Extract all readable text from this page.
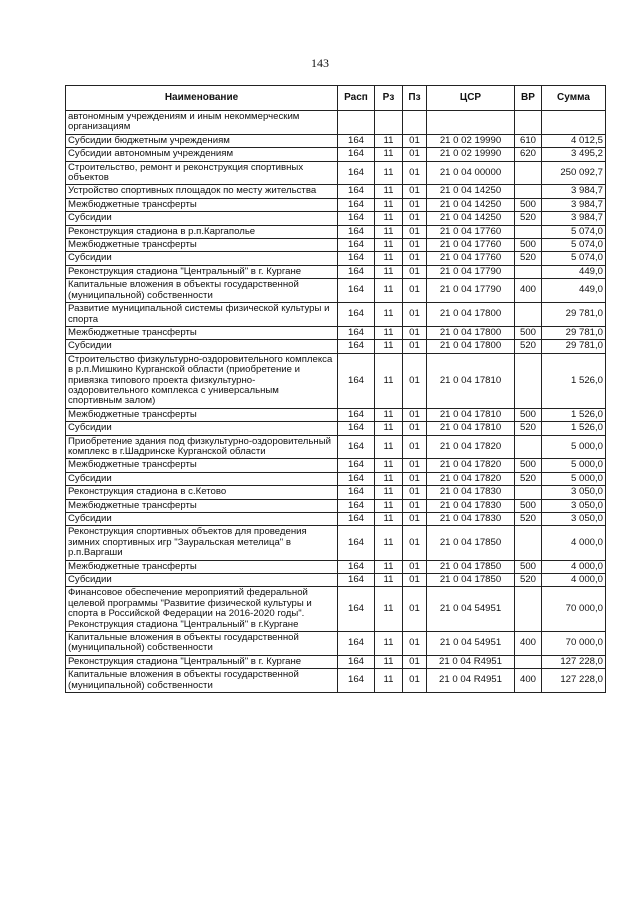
143
Наименование	Расп	Рз	Пз	ЦСР	ВР	Сумма
автономным учреждениям и иным некоммерческим организациям						
Субсидии бюджетным учреждениям	164	11	01	21 0 02 19990	610	4 012,5
Субсидии автономным учреждениям	164	11	01	21 0 02 19990	620	3 495,2
Строительство, ремонт и реконструкция спортивных объектов	164	11	01	21 0 04 00000		250 092,7
Устройство спортивных площадок по месту жительства	164	11	01	21 0 04 14250		3 984,7
Межбюджетные трансферты	164	11	01	21 0 04 14250	500	3 984,7
Субсидии	164	11	01	21 0 04 14250	520	3 984,7
Реконструкция стадиона в р.п.Каргаполье	164	11	01	21 0 04 17760		5 074,0
Межбюджетные трансферты	164	11	01	21 0 04 17760	500	5 074,0
Субсидии	164	11	01	21 0 04 17760	520	5 074,0
Реконструкция стадиона "Центральный" в г. Кургане	164	11	01	21 0 04 17790		449,0
Капитальные вложения в объекты государственной (муниципальной) собственности	164	11	01	21 0 04 17790	400	449,0
Развитие муниципальной системы физической культуры и спорта	164	11	01	21 0 04 17800		29 781,0
Межбюджетные трансферты	164	11	01	21 0 04 17800	500	29 781,0
Субсидии	164	11	01	21 0 04 17800	520	29 781,0
Строительство физкультурно-оздоровительного комплекса в р.п.Мишкино Курганской области (приобретение и привязка типового проекта физкультурно-оздоровительного комплекса с универсальным спортивным залом)	164	11	01	21 0 04 17810		1 526,0
Межбюджетные трансферты	164	11	01	21 0 04 17810	500	1 526,0
Субсидии	164	11	01	21 0 04 17810	520	1 526,0
Приобретение здания под физкультурно-оздоровительный комплекс в г.Шадринске Курганской области	164	11	01	21 0 04 17820		5 000,0
Межбюджетные трансферты	164	11	01	21 0 04 17820	500	5 000,0
Субсидии	164	11	01	21 0 04 17820	520	5 000,0
Реконструкция стадиона в с.Кетово	164	11	01	21 0 04 17830		3 050,0
Межбюджетные трансферты	164	11	01	21 0 04 17830	500	3 050,0
Субсидии	164	11	01	21 0 04 17830	520	3 050,0
Реконструкция спортивных объектов для проведения зимних спортивных игр "Зауральская метелица" в р.п.Варгаши	164	11	01	21 0 04 17850		4 000,0
Межбюджетные трансферты	164	11	01	21 0 04 17850	500	4 000,0
Субсидии	164	11	01	21 0 04 17850	520	4 000,0
Финансовое обеспечение мероприятий федеральной целевой программы "Развитие физической культуры и спорта в Российской Федерации на 2016-2020 годы". Реконструкция стадиона "Центральный" в г.Кургане	164	11	01	21 0 04 54951		70 000,0
Капитальные вложения в объекты государственной (муниципальной) собственности	164	11	01	21 0 04 54951	400	70 000,0
Реконструкция стадиона "Центральный" в г. Кургане	164	11	01	21 0 04 R4951		127 228,0
Капитальные вложения в объекты государственной (муниципальной) собственности	164	11	01	21 0 04 R4951	400	127 228,0
